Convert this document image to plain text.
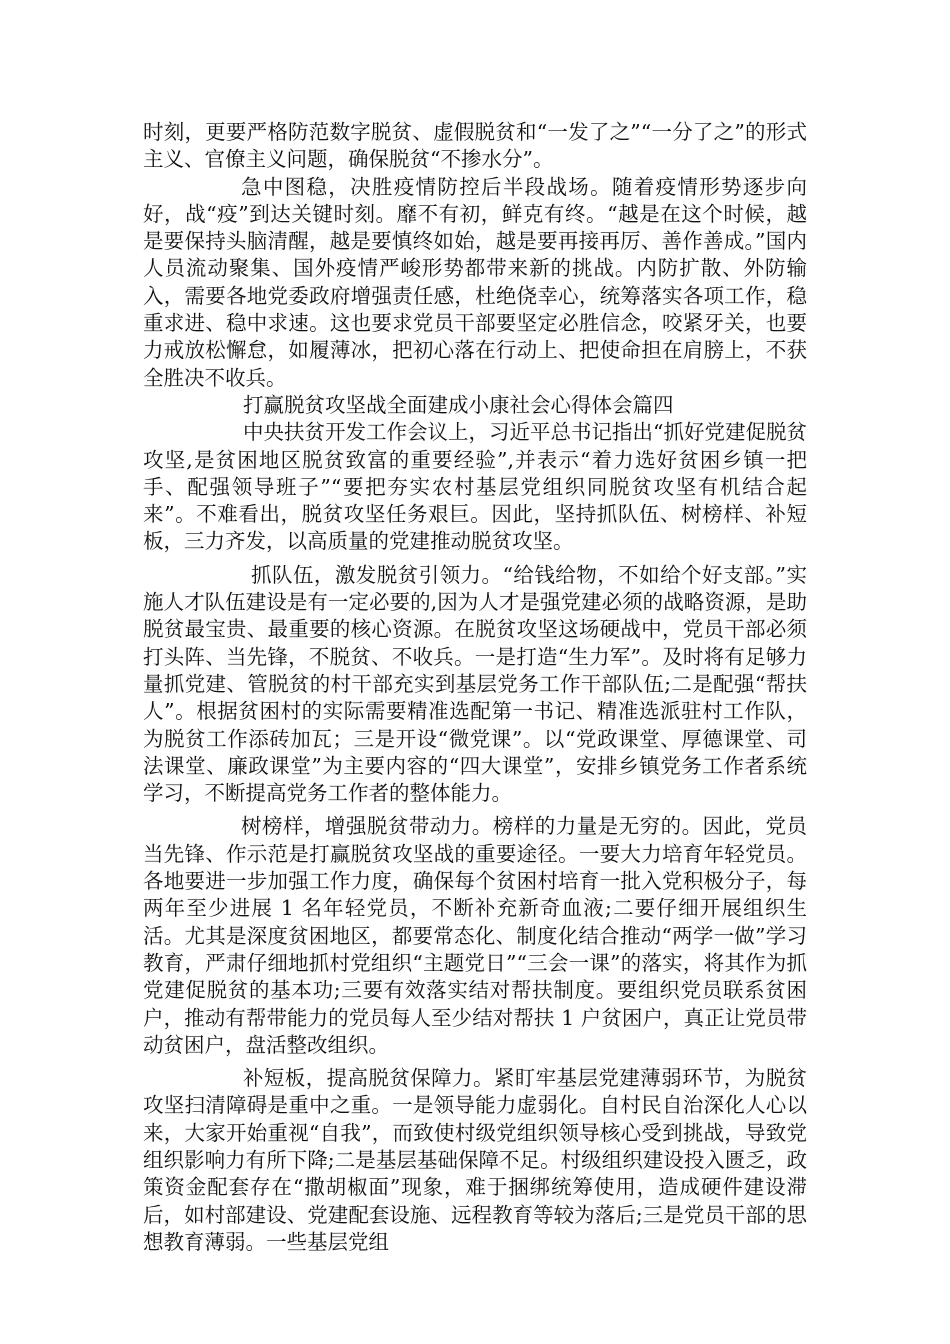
时刻，更要严格防范数字脱贫、虚假脱贫和“一发了之”“一分了之”的形式主义、官僚主义问题，确保脱贫“不掺水分”。

急中图稳，决胜疫情防控后半段战场。随着疫情形势逐步向好，战“疫”到达关键时刻。靡不有初，鲜克有终。“越是在这个时候，越是要保持头脑清醒，越是要慎终如始，越是要再接再厉、善作善成。”国内人员流动聚集、国外疫情严峻形势都带来新的挑战。内防扩散、外防输入，需要各地党委政府增强责任感，杜绝侥幸心，统筹落实各项工作，稳重求进、稳中求速。这也要求党员干部要坚定必胜信念，咬紧牙关，也要力戒放松懈怠，如履薄冰，把初心落在行动上、把使命担在肩膀上，不获全胜决不收兵。

打赢脱贫攻坚战全面建成小康社会心得体会篇四

中央扶贫开发工作会议上，习近平总书记指出“抓好党建促脱贫攻坚,是贫困地区脱贫致富的重要经验”,并表示“着力选好贫困乡镇一把手、配强领导班子”“要把夯实农村基层党组织同脱贫攻坚有机结合起来”。不难看出，脱贫攻坚任务艰巨。因此，坚持抓队伍、树榜样、补短板，三力齐发，以高质量的党建推动脱贫攻坚。

抓队伍，激发脱贫引领力。“给钱给物，不如给个好支部。”实施人才队伍建设是有一定必要的,因为人才是强党建必须的战略资源，是助脱贫最宝贵、最重要的核心资源。在脱贫攻坚这场硬战中，党员干部必须打头阵、当先锋，不脱贫、不收兵。一是打造“生力军”。及时将有足够力量抓党建、管脱贫的村干部充实到基层党务工作干部队伍;二是配强“帮扶人”。根据贫困村的实际需要精准选配第一书记、精准选派驻村工作队，为脱贫工作添砖加瓦；三是开设“微党课”。以“党政课堂、厚德课堂、司法课堂、廉政课堂”为主要内容的“四大课堂”，安排乡镇党务工作者系统学习，不断提高党务工作者的整体能力。

树榜样，增强脱贫带动力。榜样的力量是无穷的。因此，党员当先锋、作示范是打赢脱贫攻坚战的重要途径。一要大力培育年轻党员。各地要进一步加强工作力度，确保每个贫困村培育一批入党积极分子，每两年至少进展 1 名年轻党员，不断补充新奇血液;二要仔细开展组织生活。尤其是深度贫困地区，都要常态化、制度化结合推动“两学一做”学习教育，严肃仔细地抓村党组织“主题党日”“三会一课”的落实，将其作为抓党建促脱贫的基本功;三要有效落实结对帮扶制度。要组织党员联系贫困户，推动有帮带能力的党员每人至少结对帮扶 1 户贫困户，真正让党员带动贫困户，盘活整改组织。

补短板，提高脱贫保障力。紧盯牢基层党建薄弱环节，为脱贫攻坚扫清障碍是重中之重。一是领导能力虚弱化。自村民自治深化人心以来，大家开始重视“自我”，而致使村级党组织领导核心受到挑战，导致党组织影响力有所下降;二是基层基础保障不足。村级组织建设投入匮乏，政策资金配套存在“撒胡椒面”现象，难于捆绑统筹使用，造成硬件建设滞后，如村部建设、党建配套设施、远程教育等较为落后;三是党员干部的思想教育薄弱。一些基层党组
